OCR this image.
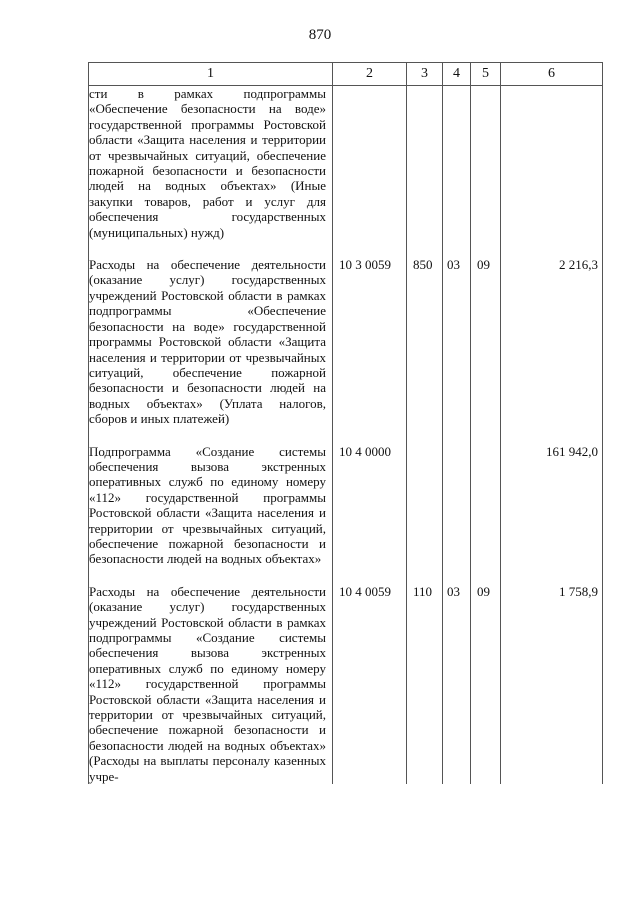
870
1	2	3	4	5	6
сти в рамках подпрограммы «Обеспечение безопасности на воде» государственной программы Ростовской области «Защита населения и территории от чрезвычайных ситуаций, обеспечение пожарной безопасности и безопасности людей на водных объектах» (Иные закупки товаров, работ и услуг для обеспечения государственных (муниципальных) нужд)					
Расходы на обеспечение деятельности (оказание услуг) государственных учреждений Ростовской области в рамках подпрограммы «Обеспечение безопасности на воде» государственной программы Ростовской области «Защита населения и территории от чрезвычайных ситуаций, обеспечение пожарной безопасности и безопасности людей на водных объектах» (Уплата налогов, сборов и иных платежей)	10 3 0059	850	03	09	2 216,3
Подпрограмма «Создание системы обеспечения вызова экстренных оперативных служб по единому номеру «112» государственной программы Ростовской области «Защита населения и территории от чрезвычайных ситуаций, обеспечение пожарной безопасности и безопасности людей на водных объектах»	10 4 0000				161 942,0
Расходы на обеспечение деятельности (оказание услуг) государственных учреждений Ростовской области в рамках подпрограммы «Создание системы обеспечения вызова экстренных оперативных служб по единому номеру «112» государственной программы Ростовской области «Защита населения и территории от чрезвычайных ситуаций, обеспечение пожарной безопасности и безопасности людей на водных объектах» (Расходы на выплаты персоналу казенных учре-	10 4 0059	110	03	09	1 758,9
